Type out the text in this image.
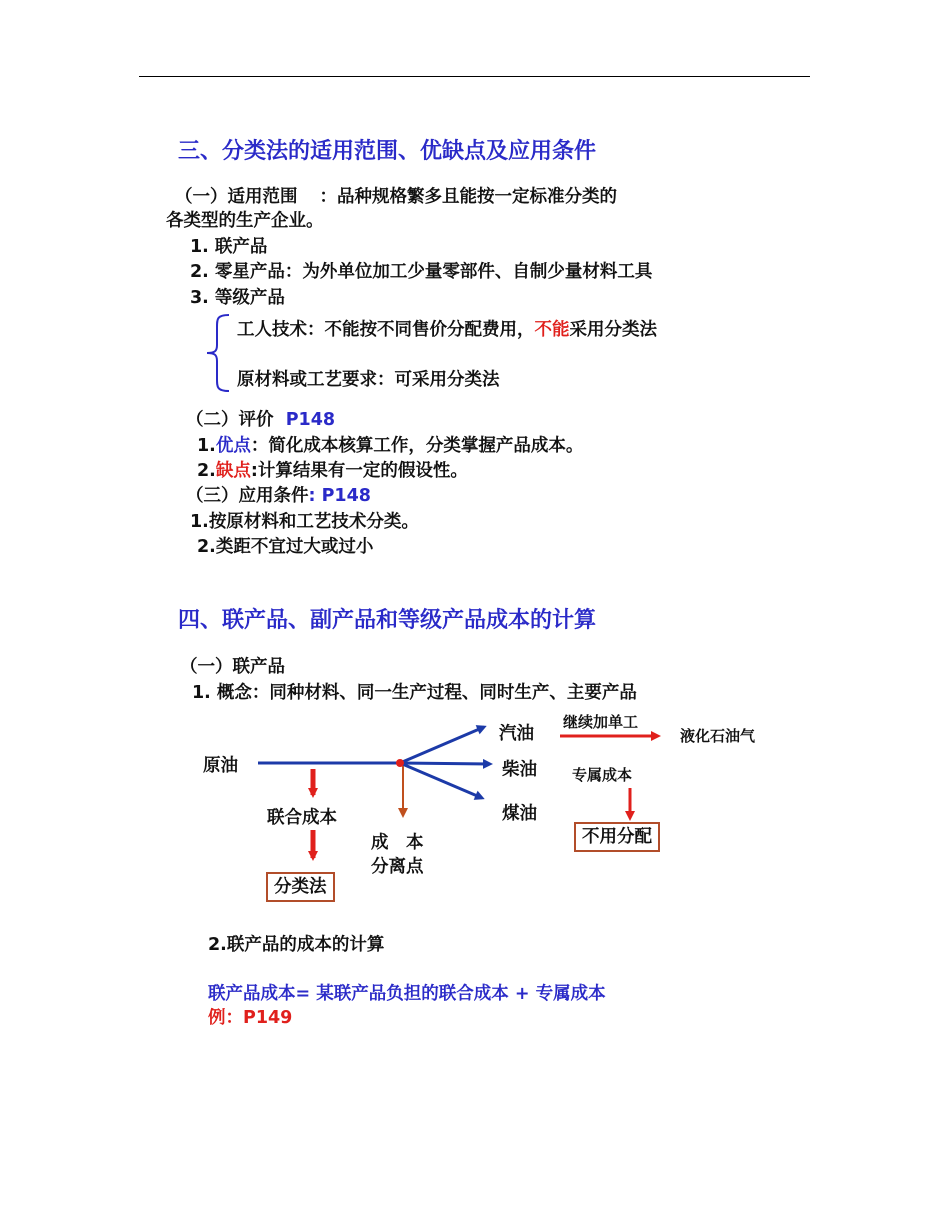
三、分类法的适用范围、优缺点及应用条件
（一）适用范围 ：品种规格繁多且能按一定标准分类的
各类型的生产企业。
1. 联产品
2. 零星产品：为外单位加工少量零部件、自制少量材料工具
3. 等级产品
工人技术：不能按不同售价分配费用，不能采用分类法
原材料或工艺要求：可采用分类法
（二）评价 P148
1.优点：简化成本核算工作，分类掌握产品成本。
2.缺点:计算结果有一定的假设性。
（三）应用条件: P148
1.按原材料和工艺技术分类。
2.类距不宜过大或过小
四、联产品、副产品和等级产品成本的计算
（一）联产品
1. 概念：同种材料、同一生产过程、同时生产、主要产品
原油
汽油
柴油
煤油
继续加单工
液化石油气
专属成本
联合成本
成　本
分离点
不用分配
分类法
2.联产品的成本的计算
联产品成本= 某联产品负担的联合成本 + 专属成本
例：P149
